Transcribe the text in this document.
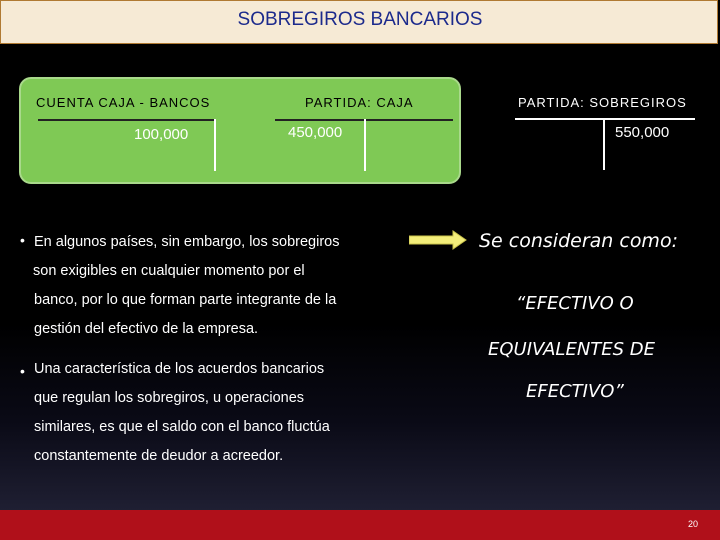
SOBREGIROS BANCARIOS
CUENTA CAJA - BANCOS
100,000
PARTIDA: CAJA
450,000
PARTIDA: SOBREGIROS
550,000
• En algunos países, sin embargo, los sobregiros
son exigibles en cualquier momento por el
banco, por lo que forman parte integrante de la
gestión del efectivo de la empresa.
• Una característica de los acuerdos bancarios
que regulan los sobregiros, u operaciones
similares, es que el saldo con el banco fluctúa
constantemente de deudor a acreedor.
Se consideran como:
“EFECTIVO O
EQUIVALENTES DE
EFECTIVO”
20
